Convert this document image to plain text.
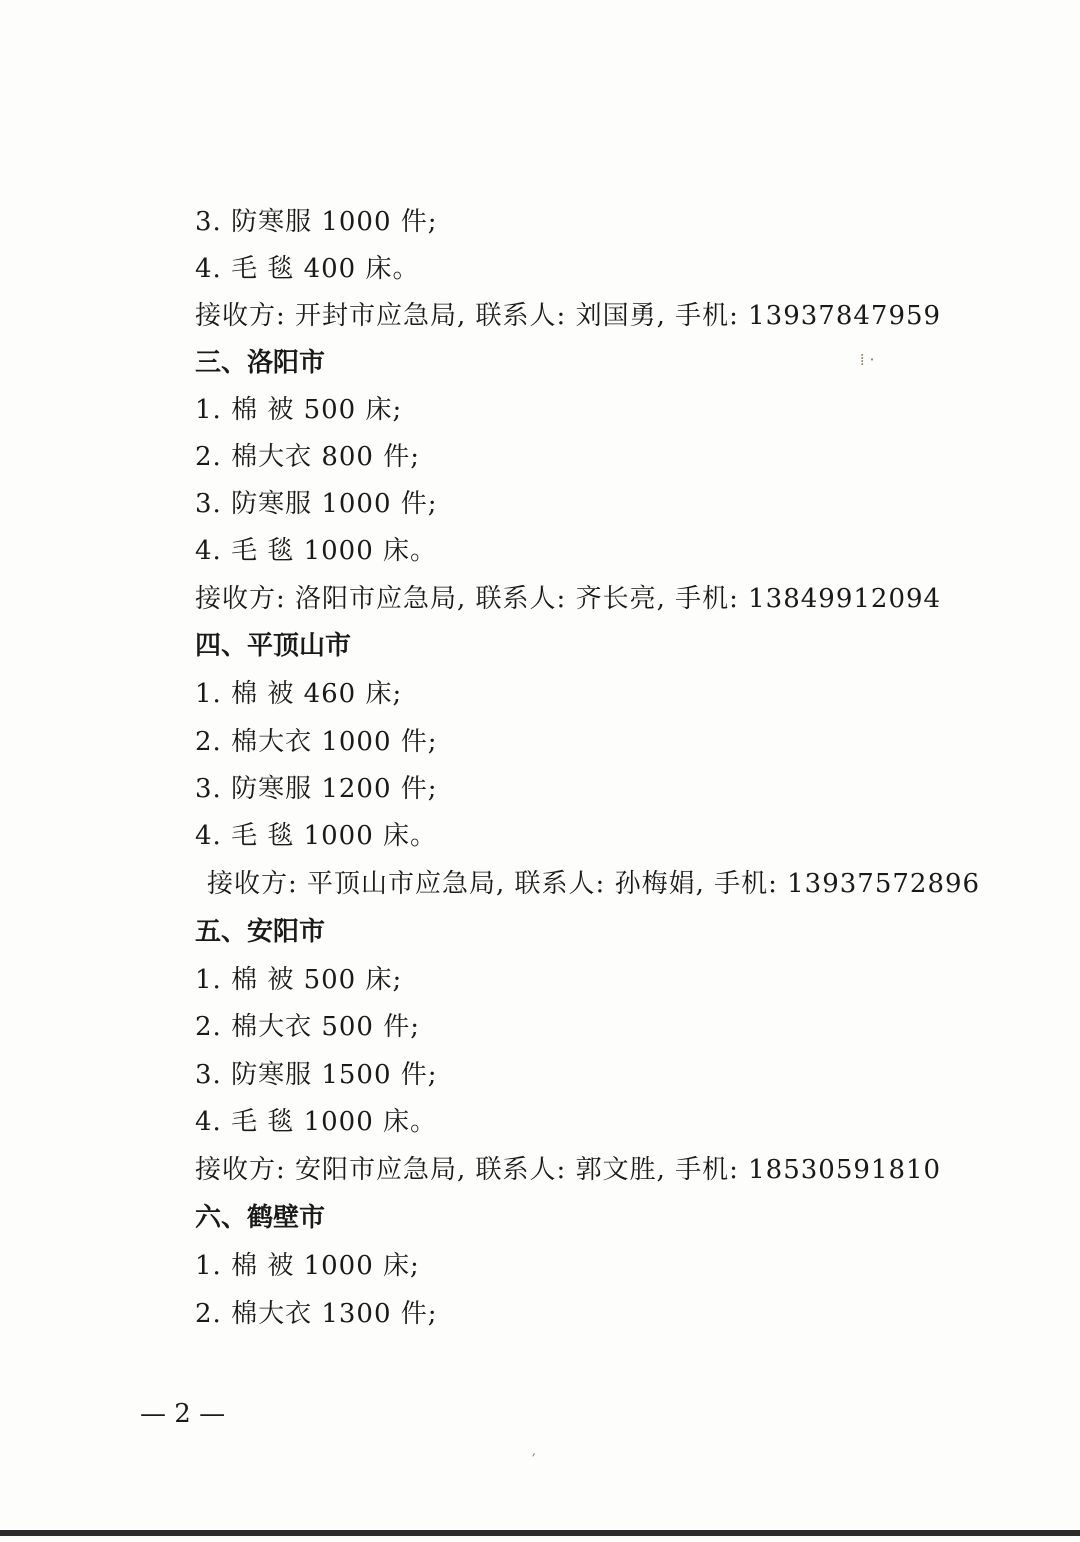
3. 防寒服 1000 件;
4. 毛 毯 400 床。
接收方: 开封市应急局, 联系人: 刘国勇, 手机: 13937847959
三、洛阳市
1. 棉 被 500 床;
2. 棉大衣 800 件;
3. 防寒服 1000 件;
4. 毛 毯 1000 床。
接收方: 洛阳市应急局, 联系人: 齐长亮, 手机: 13849912094
四、平顶山市
1. 棉 被 460 床;
2. 棉大衣 1000 件;
3. 防寒服 1200 件;
4. 毛 毯 1000 床。
接收方: 平顶山市应急局, 联系人: 孙梅娟, 手机: 13937572896
五、安阳市
1. 棉 被 500 床;
2. 棉大衣 500 件;
3. 防寒服 1500 件;
4. 毛 毯 1000 床。
接收方: 安阳市应急局, 联系人: 郭文胜, 手机: 18530591810
六、鹤壁市
1. 棉 被 1000 床;
2. 棉大衣 1300 件;
— 2 —
⁞ ·
′
